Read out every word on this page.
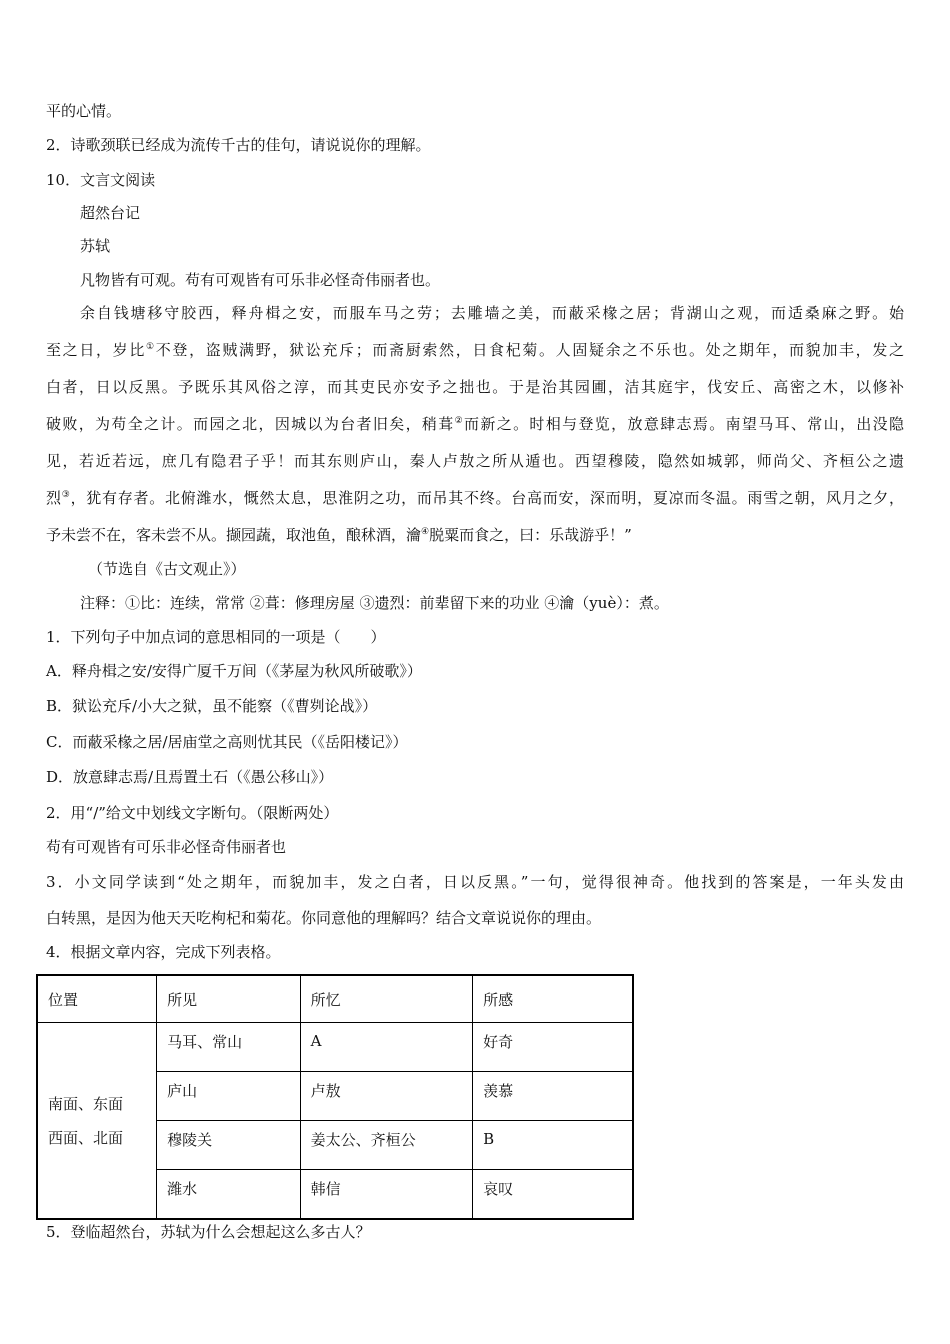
平的心情。
2．诗歌颈联已经成为流传千古的佳句，请说说你的理解。
10．文言文阅读
超然台记
苏轼
凡物皆有可观。苟有可观皆有可乐非必怪奇伟丽者也。
余自钱塘移守胶西，释舟楫之安，而服车马之劳；去雕墙之美，而蔽采椽之居；背湖山之观，而适桑麻之野。始
至之日，岁比①不登，盗贼满野，狱讼充斥；而斋厨索然，日食杞菊。人固疑余之不乐也。处之期年，而貌加丰，发之
白者，日以反黑。予既乐其风俗之淳，而其吏民亦安予之拙也。于是治其园圃，洁其庭宇，伐安丘、高密之木，以修补
破败，为苟全之计。而园之北，因城以为台者旧矣，稍葺②而新之。时相与登览，放意肆志焉。南望马耳、常山，出没隐
见，若近若远，庶几有隐君子乎！而其东则庐山，秦人卢敖之所从遁也。西望穆陵，隐然如城郭，师尚父、齐桓公之遗
烈③，犹有存者。北俯潍水，慨然太息，思淮阴之功，而吊其不终。台高而安，深而明，夏凉而冬温。雨雪之朝，风月之夕，
予未尝不在，客未尝不从。撷园蔬，取池鱼，酿秫酒，瀹④脱粟而食之，曰：乐哉游乎！”
（节选自《古文观止》）
注释：①比：连续，常常 ②葺：修理房屋 ③遗烈：前辈留下来的功业 ④瀹（yuè）：煮。
1．下列句子中加点词的意思相同的一项是（　　）
A．释舟楫之安/安得广厦千万间（《茅屋为秋风所破歌》）
B．狱讼充斥/小大之狱，虽不能察（《曹刿论战》）
C．而蔽采椽之居/居庙堂之高则忧其民（《岳阳楼记》）
D．放意肆志焉/且焉置土石（《愚公移山》）
2．用“/”给文中划线文字断句。（限断两处）
苟有可观皆有可乐非必怪奇伟丽者也
3．小文同学读到“处之期年，而貌加丰，发之白者，日以反黑。”一句，觉得很神奇。他找到的答案是，一年头发由
白转黑，是因为他天天吃枸杞和菊花。你同意他的理解吗？结合文章说说你的理由。
4．根据文章内容，完成下列表格。
位置	所见	所忆	所感

南面、东面
西面、北面	马耳、常山	A	好奇

	庐山	卢敖	羡慕

	穆陵关	姜太公、齐桓公	B

	潍水	韩信	哀叹
5．登临超然台，苏轼为什么会想起这么多古人？
